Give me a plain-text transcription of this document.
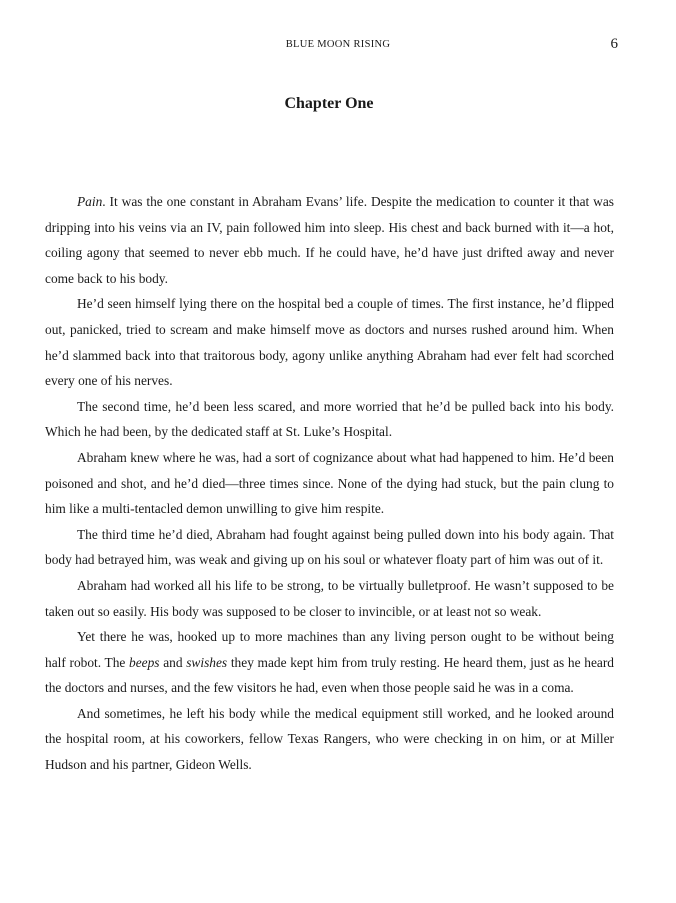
BLUE MOON RISING	6
Chapter One

Pain. It was the one constant in Abraham Evans’ life. Despite the medication to counter it that was dripping into his veins via an IV, pain followed him into sleep. His chest and back burned with it—a hot, coiling agony that seemed to never ebb much. If he could have, he’d have just drifted away and never come back to his body.

He’d seen himself lying there on the hospital bed a couple of times. The first instance, he’d flipped out, panicked, tried to scream and make himself move as doctors and nurses rushed around him. When he’d slammed back into that traitorous body, agony unlike anything Abraham had ever felt had scorched every one of his nerves.

The second time, he’d been less scared, and more worried that he’d be pulled back into his body. Which he had been, by the dedicated staff at St. Luke’s Hospital.

Abraham knew where he was, had a sort of cognizance about what had happened to him. He’d been poisoned and shot, and he’d died—three times since. None of the dying had stuck, but the pain clung to him like a multi-tentacled demon unwilling to give him respite.

The third time he’d died, Abraham had fought against being pulled down into his body again. That body had betrayed him, was weak and giving up on his soul or whatever floaty part of him was out of it.

Abraham had worked all his life to be strong, to be virtually bulletproof. He wasn’t supposed to be taken out so easily. His body was supposed to be closer to invincible, or at least not so weak.

Yet there he was, hooked up to more machines than any living person ought to be without being half robot. The beeps and swishes they made kept him from truly resting. He heard them, just as he heard the doctors and nurses, and the few visitors he had, even when those people said he was in a coma.

And sometimes, he left his body while the medical equipment still worked, and he looked around the hospital room, at his coworkers, fellow Texas Rangers, who were checking in on him, or at Miller Hudson and his partner, Gideon Wells.
